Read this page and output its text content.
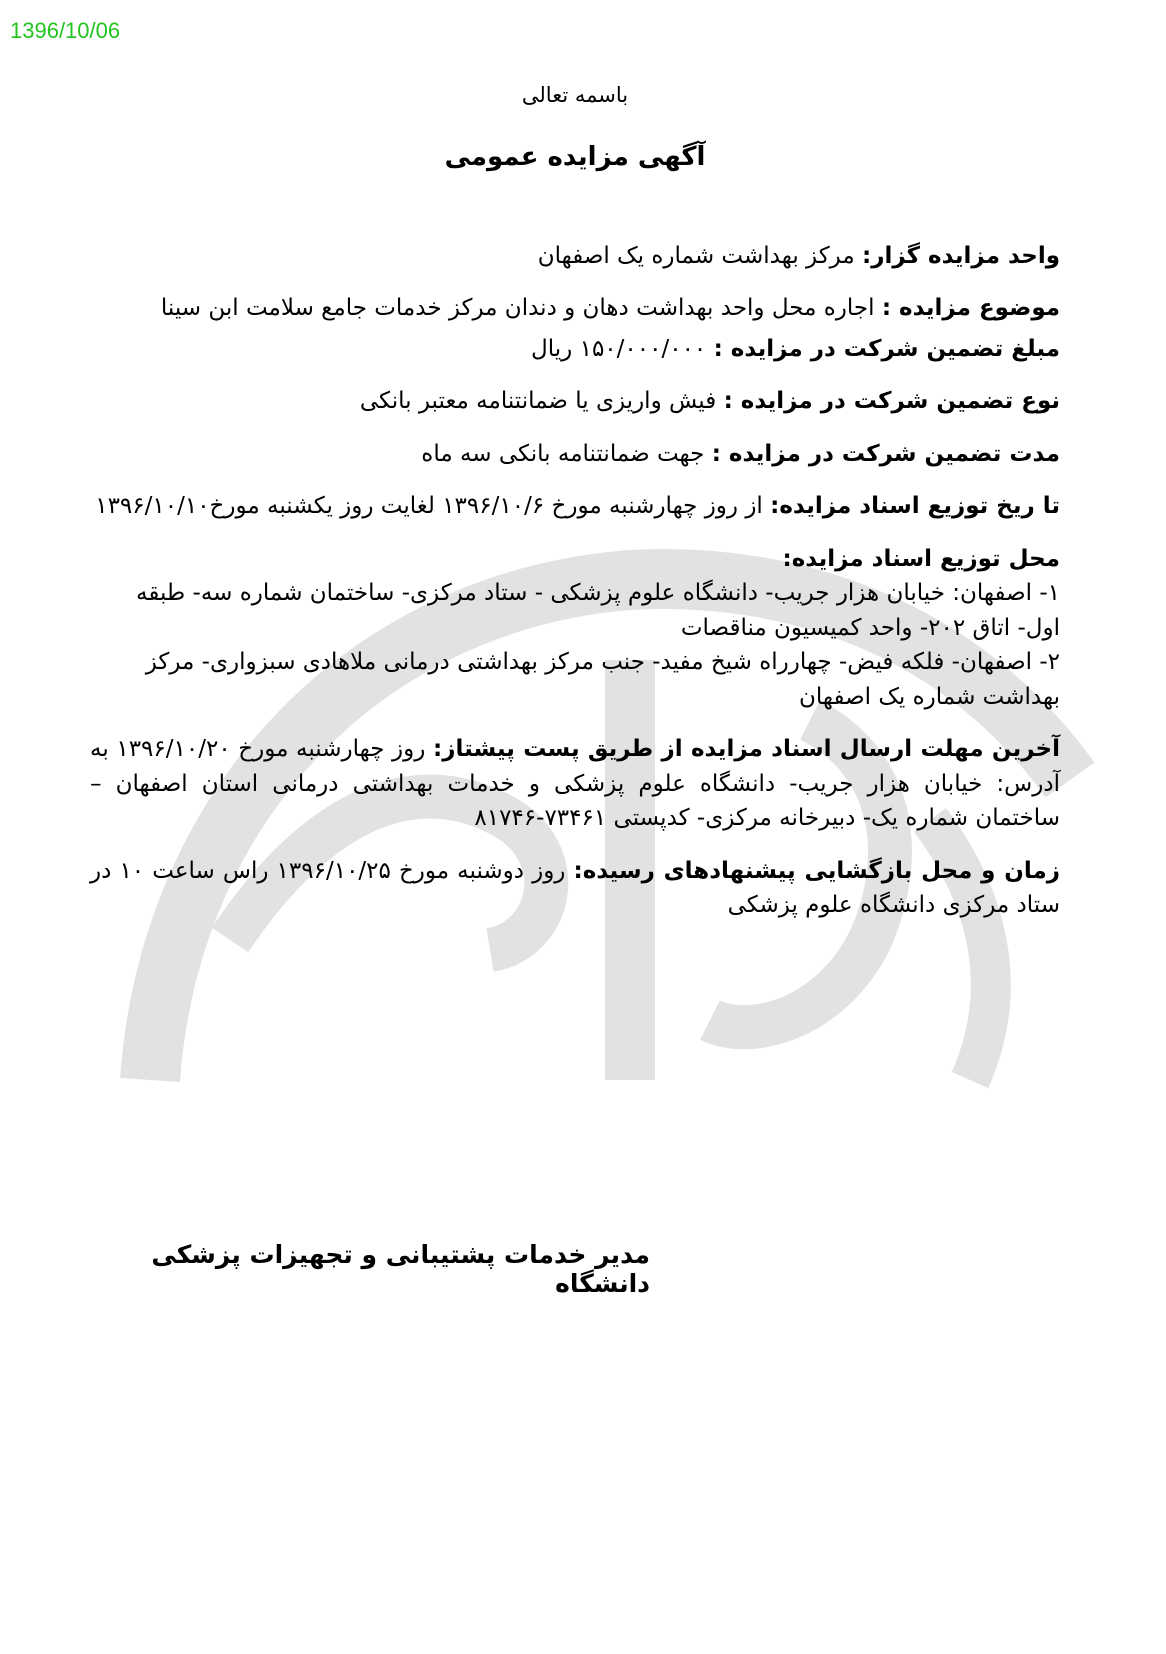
1396/10/06
باسمه تعالی
آگهی مزایده عمومی
واحد مزایده گزار: مرکز بهداشت شماره یک اصفهان
موضوع مزایده : اجاره محل واحد بهداشت دهان و دندان مرکز خدمات جامع سلامت ابن سینا
مبلغ تضمین شرکت در مزایده : ۱۵۰/۰۰۰/۰۰۰ ریال
نوع تضمین شرکت در مزایده : فیش واریزی یا ضمانتنامه معتبر بانکی
مدت تضمین شرکت در مزایده : جهت ضمانتنامه بانکی سه ماه
تا ریخ توزیع اسناد مزایده: از روز چهارشنبه مورخ ۱۳۹۶/۱۰/۶ لغایت روز یکشنبه مورخ۱۳۹۶/۱۰/۱۰
محل توزیع اسناد مزایده:
۱- اصفهان: خیابان هزار جریب- دانشگاه علوم پزشکی - ستاد مرکزی- ساختمان شماره سه- طبقه اول- اتاق ۲۰۲- واحد کمیسیون مناقصات
۲- اصفهان- فلکه فیض- چهارراه شیخ مفید- جنب مرکز بهداشتی درمانی ملاهادی سبزواری- مرکز بهداشت شماره یک اصفهان
آخرین مهلت ارسال اسناد مزایده از طریق پست پیشتاز: روز چهارشنبه مورخ ۱۳۹۶/۱۰/۲۰ به آدرس: خیابان هزار جریب- دانشگاه علوم پزشکی و خدمات بهداشتی درمانی استان اصفهان – ساختمان شماره یک- دبیرخانه مرکزی- کدپستی ۷۳۴۶۱-۸۱۷۴۶
زمان و محل بازگشایی پیشنهادهای رسیده: روز دوشنبه مورخ ۱۳۹۶/۱۰/۲۵ راس ساعت ۱۰ در ستاد مرکزی دانشگاه علوم پزشکی
مدیر خدمات پشتیبانی و تجهیزات پزشکی دانشگاه
